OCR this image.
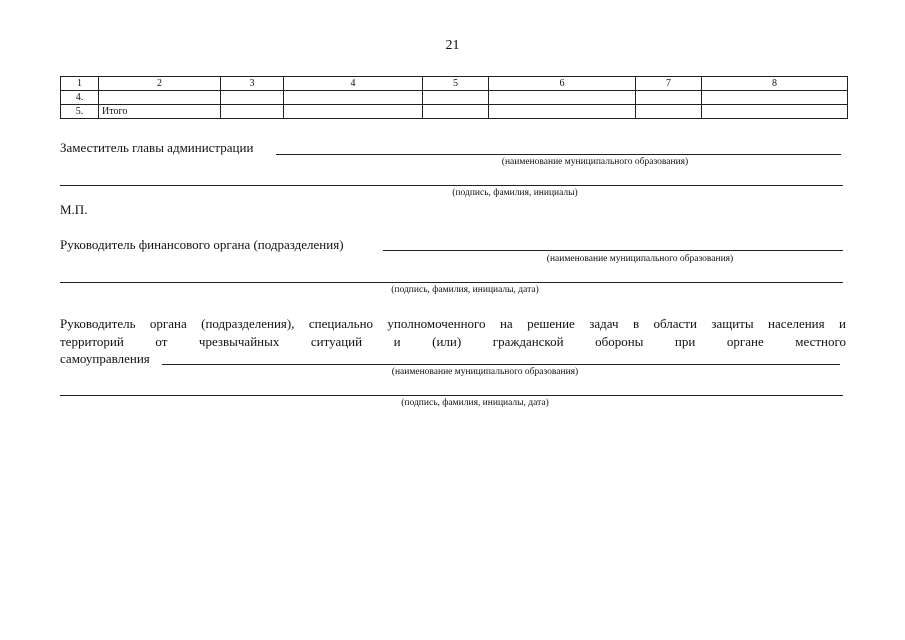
21
1	2	3	4	5	6	7	8
4.							
5.	Итого						
Заместитель главы администрации
(наименование муниципального образования)
(подпись, фамилия, инициалы)
М.П.
Руководитель финансового органа (подразделения)
(наименование муниципального образования)
(подпись, фамилия, инициалы, дата)
Руководитель органа (подразделения), специально уполномоченного на решение задач в области защиты населения и
территорий от чрезвычайных ситуаций и (или) гражданской обороны при органе местного
самоуправления
(наименование муниципального образования)
(подпись, фамилия, инициалы, дата)
